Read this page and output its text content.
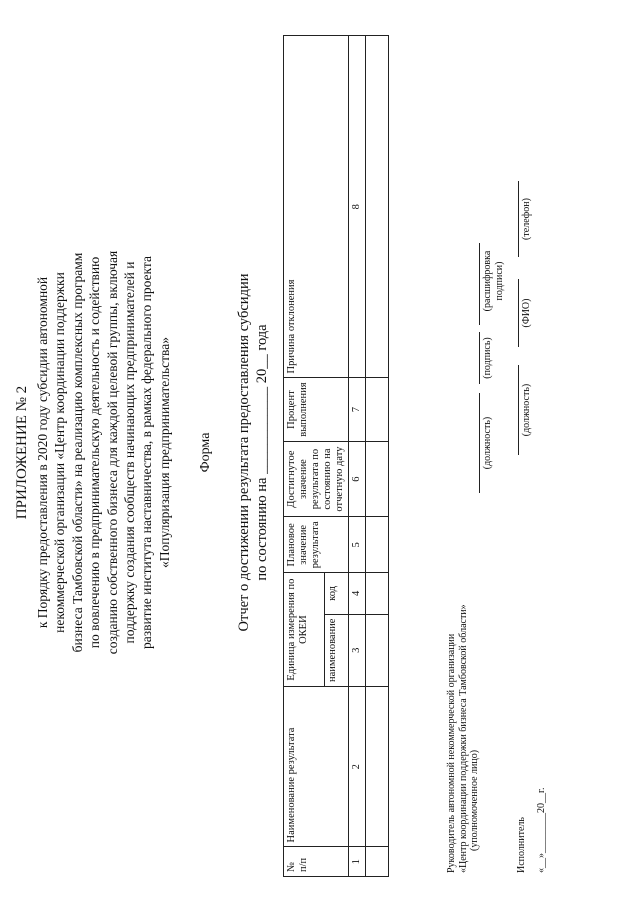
ПРИЛОЖЕНИЕ № 2 к Порядку предоставления в 2020 году субсидии автономной некоммерческой организации «Центр координации поддержки бизнеса Тамбовской области» на реализацию комплексных программ по вовлечению в предпринимательскую деятельность и содействию созданию собственного бизнеса для каждой целевой группы, включая поддержку создания сообществ начинающих предпринимателей и развитие института наставничества, в рамках федерального проекта «Популяризация предпринимательства» Форма Отчет о достижении результата предоставления субсидии по состоянию на ____________ 20__ года
№ п/п	Наименование результата	Единица измерения по ОКЕИ		Плановое значение результата	Достигнутое значение результата по состоянию на отчетную дату	Процент выполнения	Причина отклонения
		наименование	код				
1	2	3	4	5	6	7	8

Руководитель автономной некоммерческой организации «Центр координации поддержки бизнеса Тамбовской области» (уполномоченное лицо)
(должность)
(подпись)
(расшифровка подписи)
Исполнитель
(должность)
(ФИО)
(телефон)
«__»________20__г.
